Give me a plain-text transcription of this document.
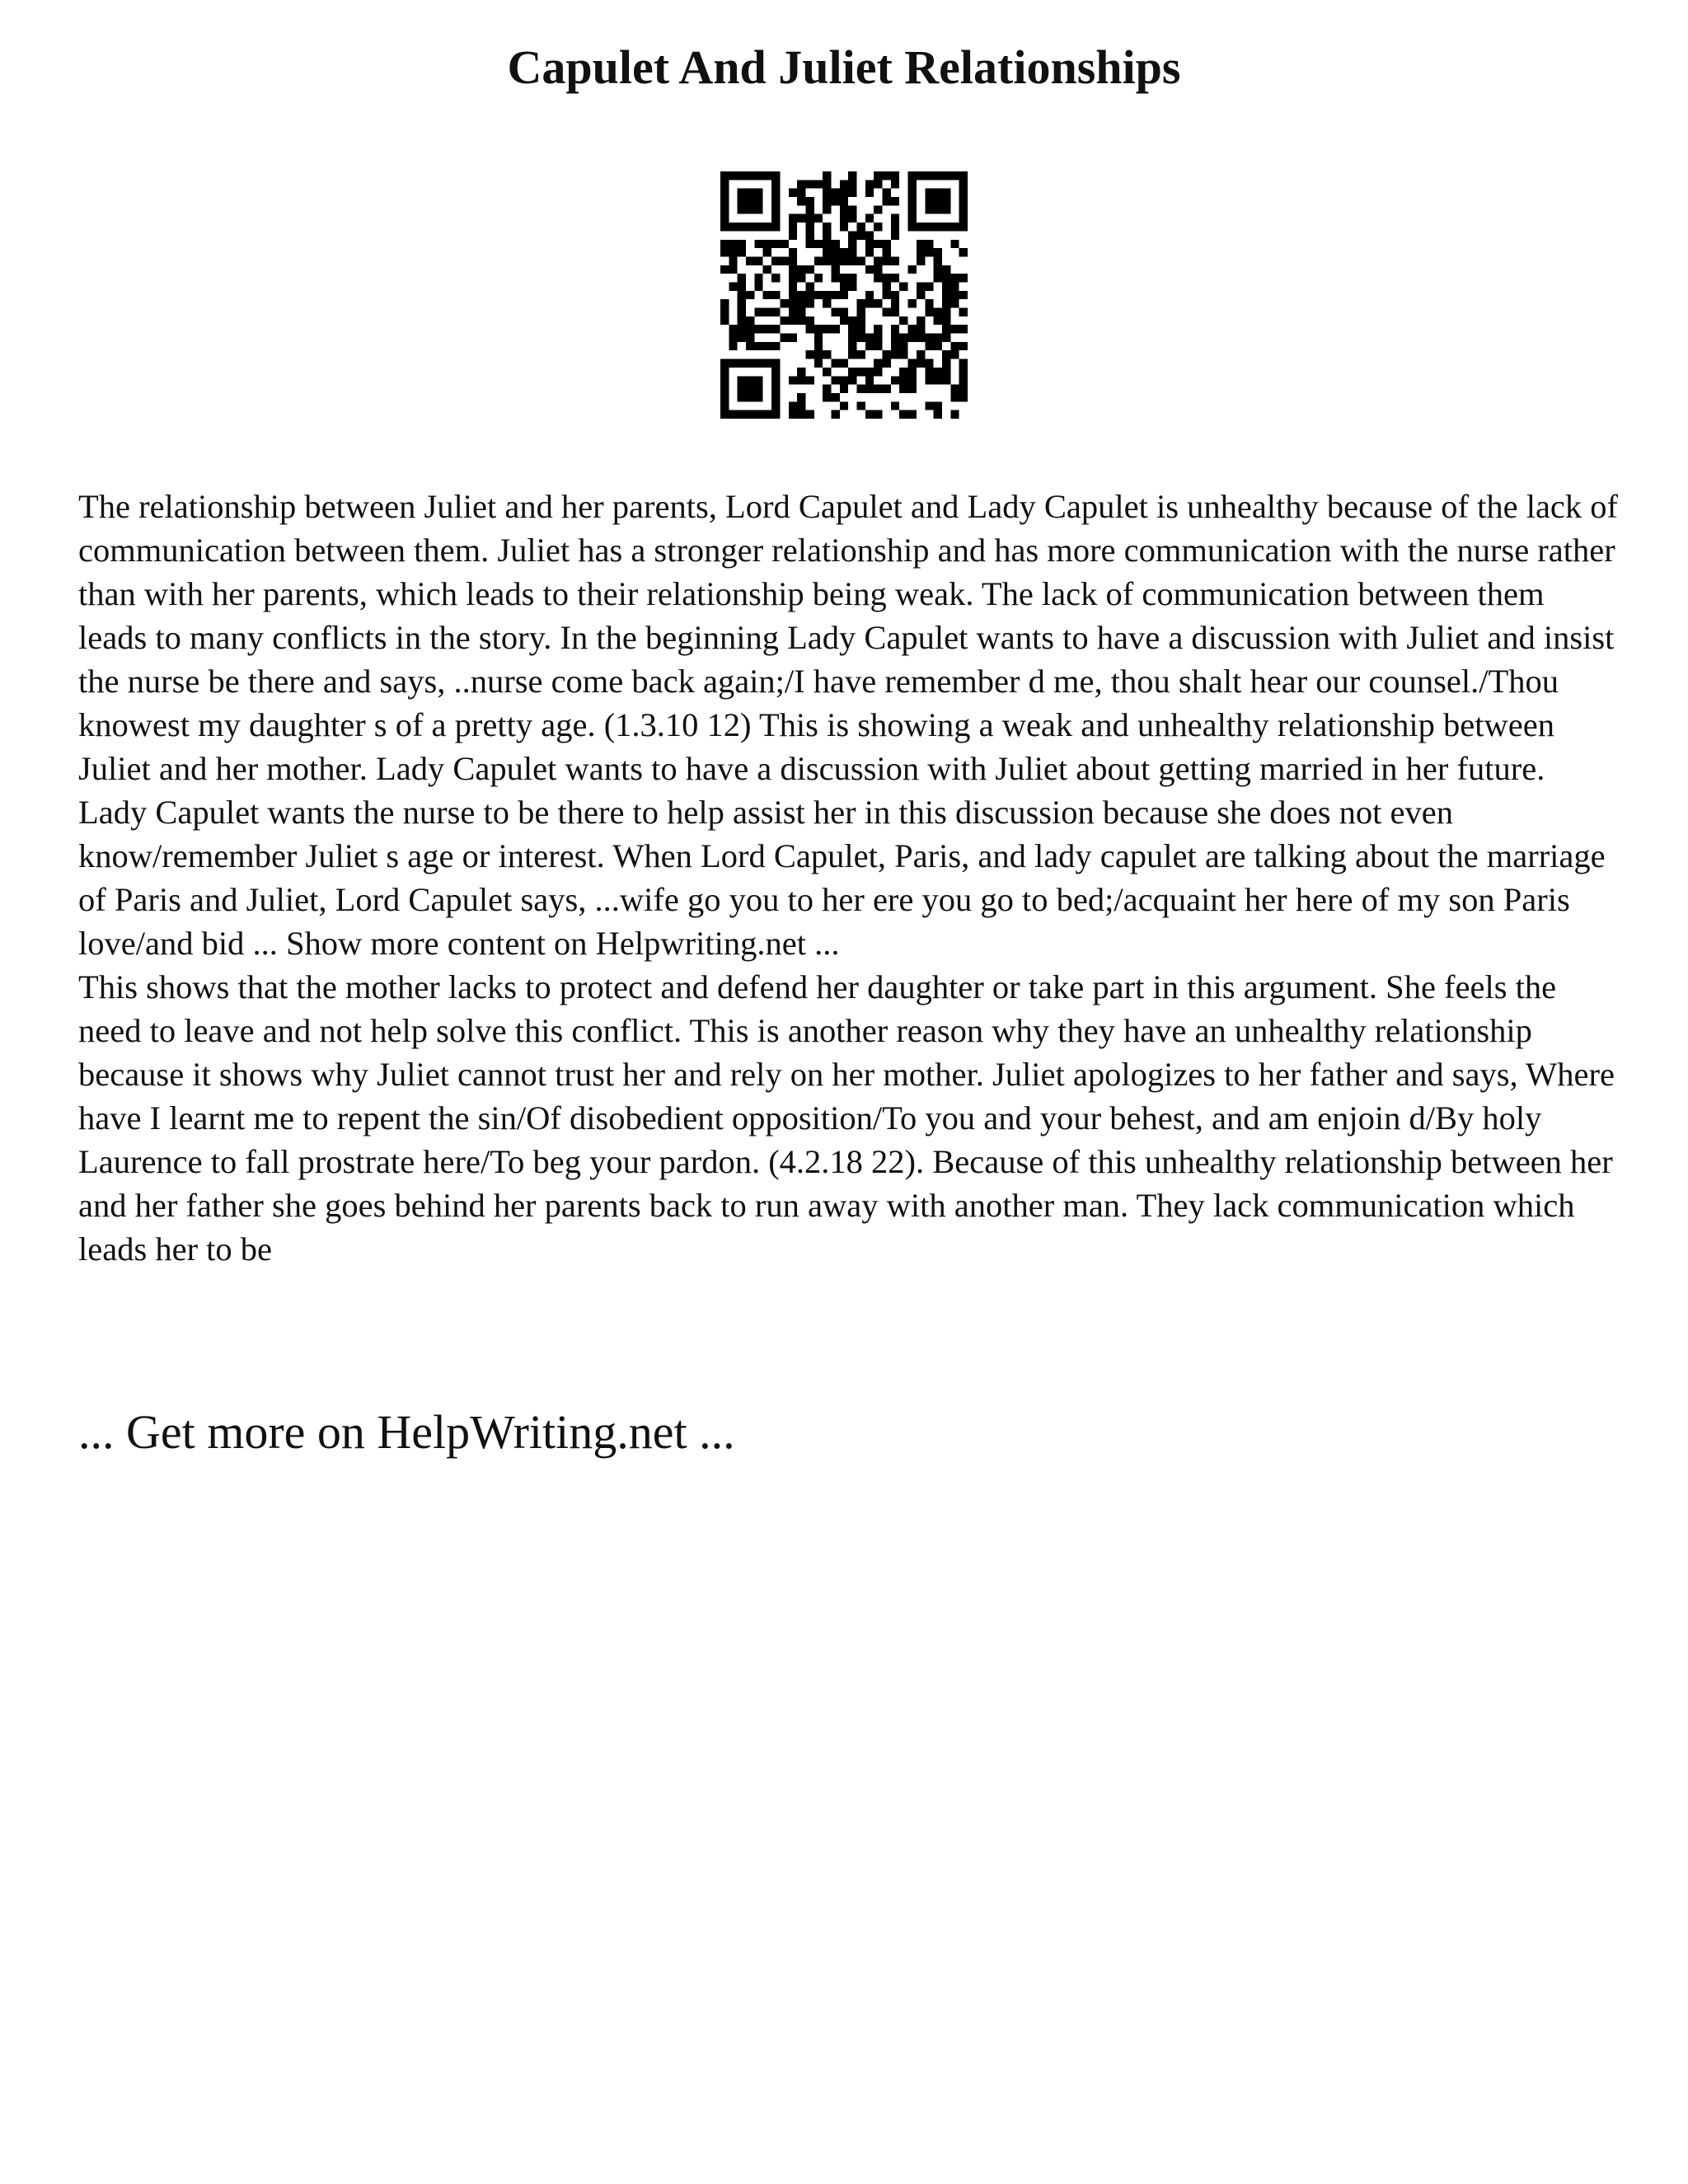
Capulet And Juliet Relationships

The relationship between Juliet and her parents, Lord Capulet and Lady Capulet is unhealthy because of the lack of communication between them. Juliet has a stronger relationship and has more communication with the nurse rather than with her parents, which leads to their relationship being weak. The lack of communication between them leads to many conflicts in the story. In the beginning Lady Capulet wants to have a discussion with Juliet and insist the nurse be there and says, ..nurse come back again;/I have remember d me, thou shalt hear our counsel./Thou knowest my daughter s of a pretty age. (1.3.10 12) This is showing a weak and unhealthy relationship between Juliet and her mother. Lady Capulet wants to have a discussion with Juliet about getting married in her future. Lady Capulet wants the nurse to be there to help assist her in this discussion because she does not even know/remember Juliet s age or interest. When Lord Capulet, Paris, and lady capulet are talking about the marriage of Paris and Juliet, Lord Capulet says, ...wife go you to her ere you go to bed;/acquaint her here of my son Paris love/and bid ... Show more content on Helpwriting.net ...

This shows that the mother lacks to protect and defend her daughter or take part in this argument. She feels the need to leave and not help solve this conflict. This is another reason why they have an unhealthy relationship because it shows why Juliet cannot trust her and rely on her mother. Juliet apologizes to her father and says, Where have I learnt me to repent the sin/Of disobedient opposition/To you and your behest, and am enjoin d/By holy Laurence to fall prostrate here/To beg your pardon. (4.2.18 22). Because of this unhealthy relationship between her and her father she goes behind her parents back to run away with another man. They lack communication which leads her to be

... Get more on HelpWriting.net ...
